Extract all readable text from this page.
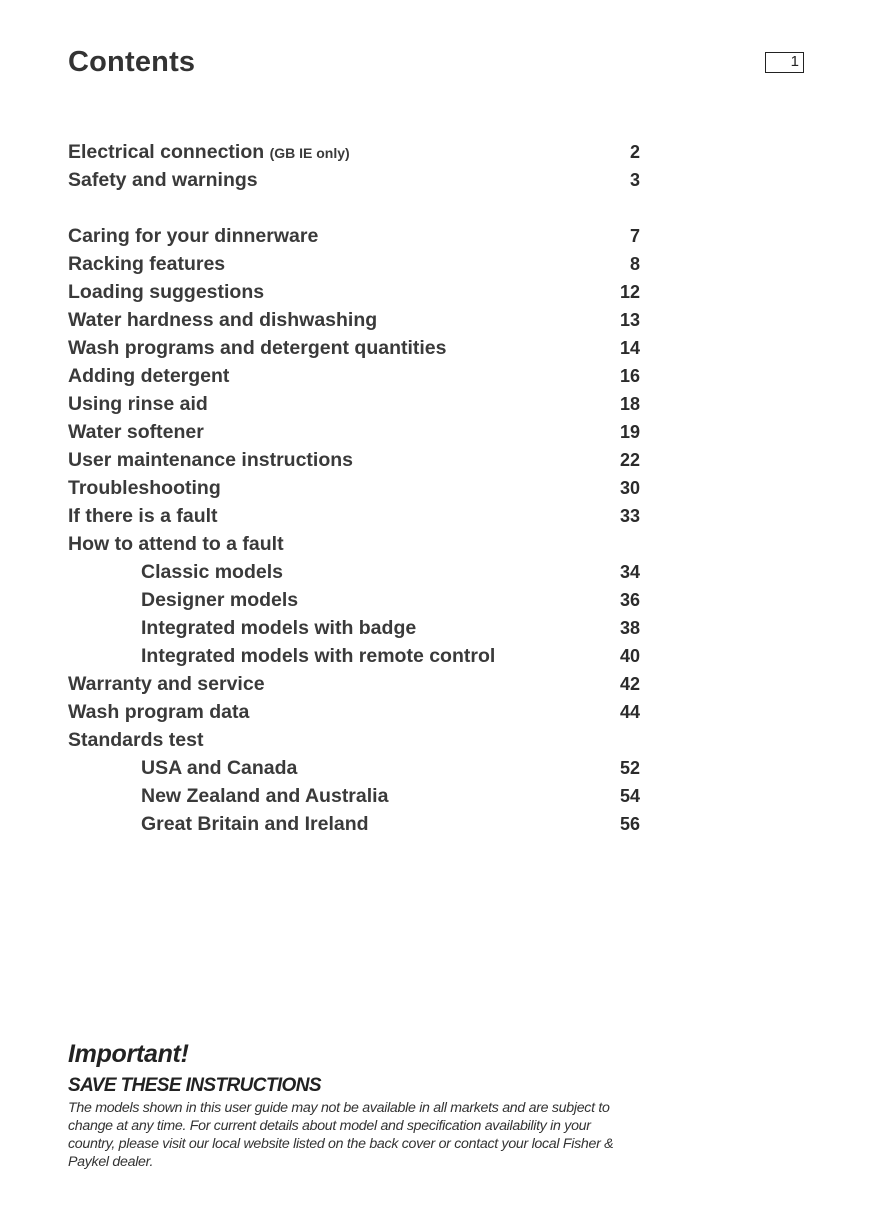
Contents	1
Electrical connection (GB IE only)	2
Safety and warnings	3
Caring for your dinnerware	7
Racking features	8
Loading suggestions	12
Water hardness and dishwashing	13
Wash programs and detergent quantities	14
Adding detergent	16
Using rinse aid	18
Water softener	19
User maintenance instructions	22
Troubleshooting	30
If there is a fault	33
How to attend to a fault
Classic models	34
Designer models	36
Integrated models with badge	38
Integrated models with remote control	40
Warranty and service	42
Wash program data	44
Standards test
USA and Canada	52
New Zealand and Australia	54
Great Britain and Ireland	56
Important!
SAVE THESE INSTRUCTIONS
The models shown in this user guide may not be available in all markets and are subject to change at any time. For current details about model and specification availability in your country, please visit our local website listed on the back cover or contact your local Fisher & Paykel dealer.
